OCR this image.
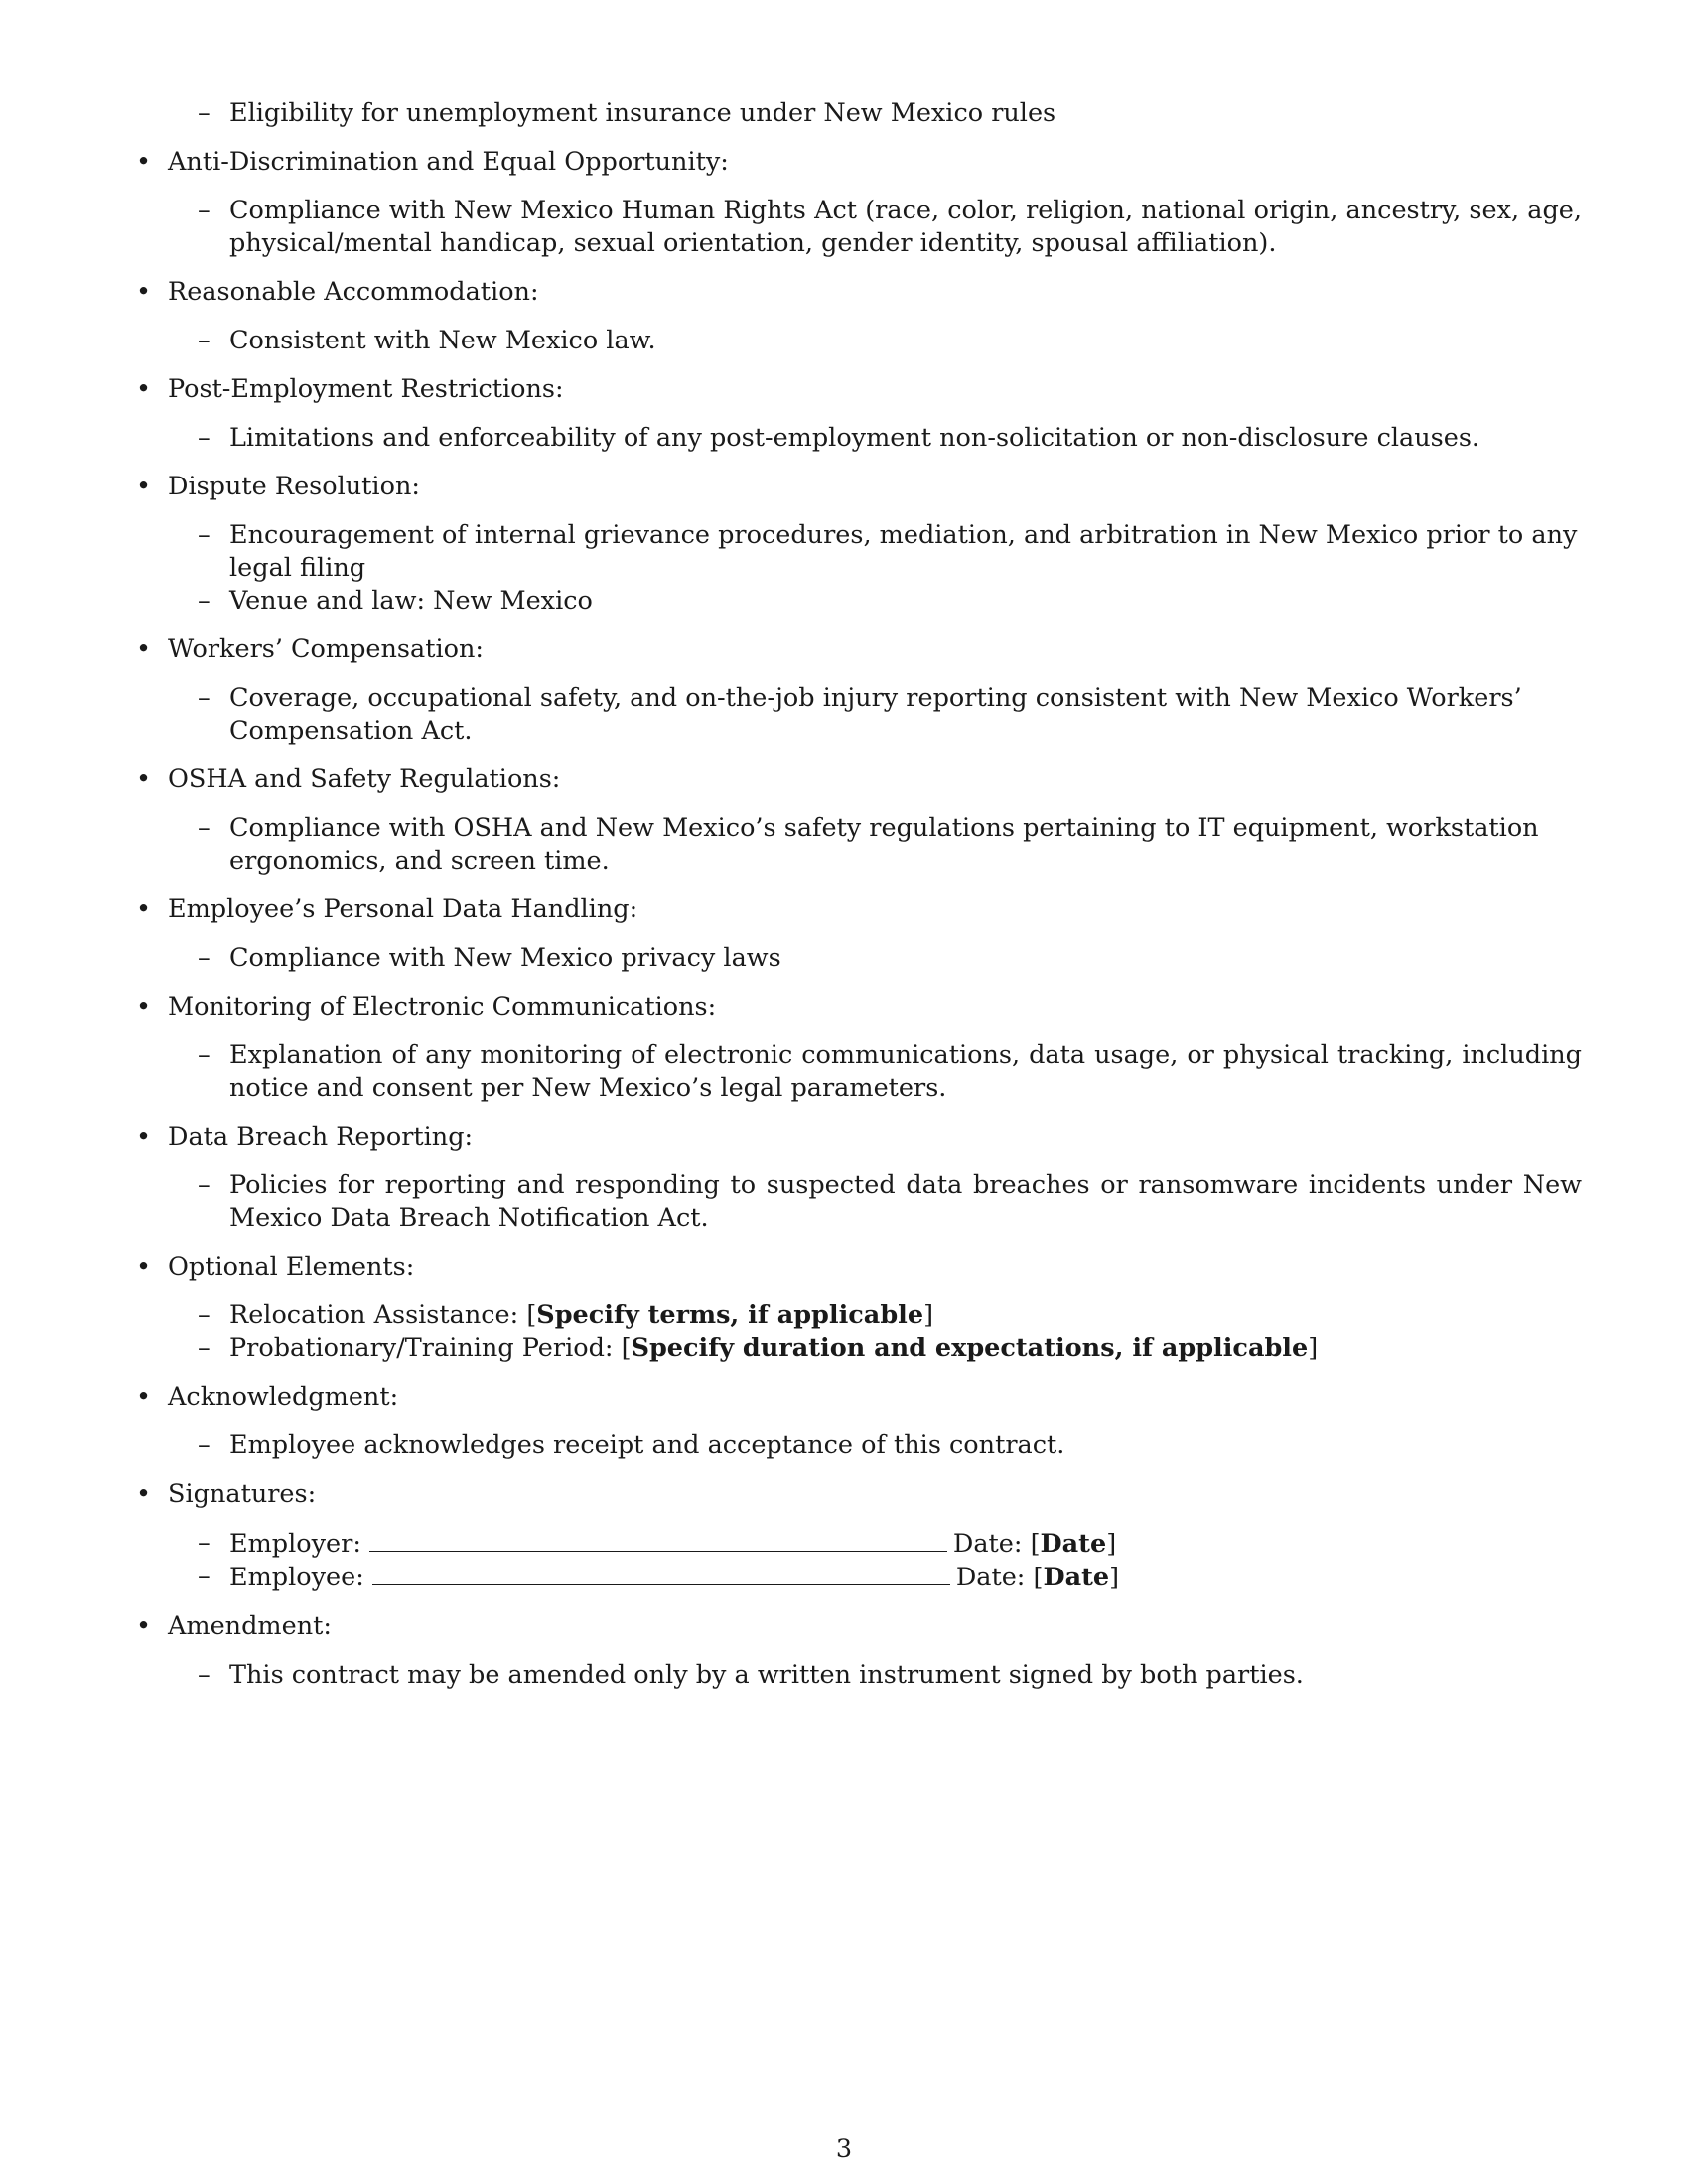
– Eligibility for unemployment insurance under New Mexico rules
• Anti-Discrimination and Equal Opportunity:
– Compliance with New Mexico Human Rights Act (race, color, religion, national origin, ancestry, sex, age, physical/mental handicap, sexual orientation, gender identity, spousal affiliation).
• Reasonable Accommodation:
– Consistent with New Mexico law.
• Post-Employment Restrictions:
– Limitations and enforceability of any post-employment non-solicitation or non-disclosure clauses.
• Dispute Resolution:
– Encouragement of internal grievance procedures, mediation, and arbitration in New Mexico prior to any legal filing
– Venue and law: New Mexico
• Workers’ Compensation:
– Coverage, occupational safety, and on-the-job injury reporting consistent with New Mexico Workers’ Compensation Act.
• OSHA and Safety Regulations:
– Compliance with OSHA and New Mexico’s safety regulations pertaining to IT equipment, workstation ergonomics, and screen time.
• Employee’s Personal Data Handling:
– Compliance with New Mexico privacy laws
• Monitoring of Electronic Communications:
– Explanation of any monitoring of electronic communications, data usage, or physical tracking, including notice and consent per New Mexico’s legal parameters.
• Data Breach Reporting:
– Policies for reporting and responding to suspected data breaches or ransomware incidents under New Mexico Data Breach Notification Act.
• Optional Elements:
– Relocation Assistance: [Specify terms, if applicable]
– Probationary/Training Period: [Specify duration and expectations, if applicable]
• Acknowledgment:
– Employee acknowledges receipt and acceptance of this contract.
• Signatures:
– Employer:	Date: [Date]
– Employee:	Date: [Date]
• Amendment:
– This contract may be amended only by a written instrument signed by both parties.
3
